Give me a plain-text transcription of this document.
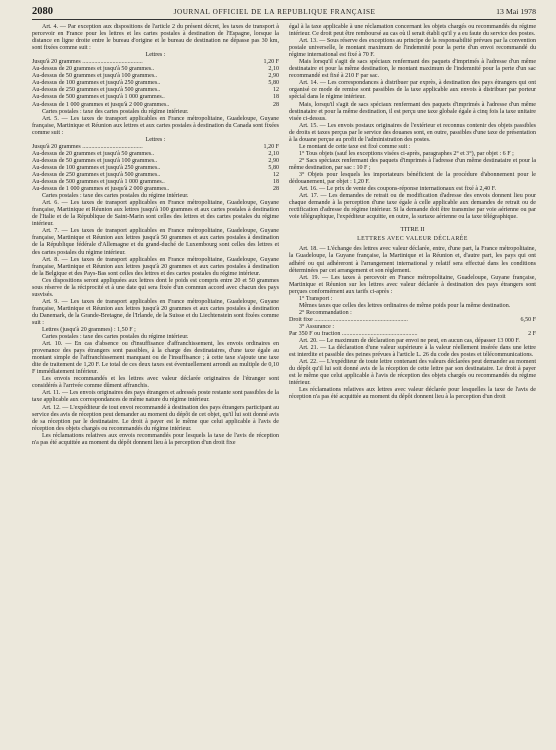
2080	JOURNAL OFFICIEL DE LA REPUBLIQUE FRANÇAISE	13 Mai 1978

Art. 4. — Par exception aux dispositions de l'article 2 du présent décret, les taxes de transport à percevoir en France pour les lettres et les cartes postales à destination de l'Espagne, lorsque la distance en ligne droite entre le bureau d'origine et le bureau de destination ne dépasse pas 30 km, sont fixées comme suit :

Lettres :

Jusqu'à 20 grammes ........................................	1,20 F
Au-dessus de 20 grammes et jusqu'à 50 grammes..	2,10
Au-dessus de 50 grammes et jusqu'à 100 grammes..	2,90
Au-dessus de 100 grammes et jusqu'à 250 grammes..	5,80
Au-dessus de 250 grammes et jusqu'à 500 grammes..	12
Au-dessus de 500 grammes et jusqu'à 1 000 grammes..	18
Au-dessus de 1 000 grammes et jusqu'à 2 000 grammes..	28

Cartes postales : taxe des cartes postales du régime intérieur.

Art. 5. — Les taxes de transport applicables en France métropolitaine, Guadeloupe, Guyane française, Martinique et Réunion aux lettres et aux cartes postales à destination du Canada sont fixées comme suit :

Lettres :

Jusqu'à 20 grammes ........................................	1,20 F
Au-dessus de 20 grammes et jusqu'à 50 grammes..	2,10
Au-dessus de 50 grammes et jusqu'à 100 grammes..	2,90
Au-dessus de 100 grammes et jusqu'à 250 grammes..	5,80
Au-dessus de 250 grammes et jusqu'à 500 grammes..	12
Au-dessus de 500 grammes et jusqu'à 1 000 grammes..	18
Au-dessus de 1 000 grammes et jusqu'à 2 000 grammes..	28

Cartes postales : taxe des cartes postales du régime intérieur.

Art. 6. — Les taxes de transport applicables en France métropolitaine, Guadeloupe, Guyane française, Martinique et Réunion aux lettres jusqu'à 100 grammes et aux cartes postales à destination de l'Italie et de la République de Saint-Marin sont celles des lettres et des cartes postales du régime intérieur.

Art. 7. — Les taxes de transport applicables en France métropolitaine, Guadeloupe, Guyane française, Martinique et Réunion aux lettres jusqu'à 50 grammes et aux cartes postales à destination de la République fédérale d'Allemagne et du grand-duché de Luxembourg sont celles des lettres et des cartes postales du régime intérieur.

Art. 8. — Les taxes de transport applicables en France métropolitaine, Guadeloupe, Guyane française, Martinique et Réunion aux lettres jusqu'à 20 grammes et aux cartes postales à destination de la Belgique et des Pays-Bas sont celles des lettres et des cartes postales du régime intérieur.

Ces dispositions seront appliquées aux lettres dont le poids est compris entre 20 et 50 grammes sous réserve de la réciprocité et à une date qui sera fixée d'un commun accord avec chacun des pays susvisés.

Art. 9. — Les taxes de transport applicables en France métropolitaine, Guadeloupe, Guyane française, Martinique et Réunion aux lettres jusqu'à 20 grammes et aux cartes postales à destination du Danemark, de la Grande-Bretagne, de l'Irlande, de la Suisse et du Liechtenstein sont fixées comme suit :

Lettres (jusqu'à 20 grammes) : 1,50 F ;

Cartes postales : taxe des cartes postales du régime intérieur.

Art. 10. — En cas d'absence ou d'insuffisance d'affranchissement, les envois ordinaires en provenance des pays étrangers sont passibles, à la charge des destinataires, d'une taxe égale au montant simple de l'affranchissement manquant ou de l'insuffisance ; à cette taxe s'ajoute une taxe dite de traitement de 1,20 F. Le total de ces deux taxes est éventuellement arrondi au multiple de 0,10 F immédiatement inférieur.

Les envois recommandés et les lettres avec valeur déclarée originaires de l'étranger sont considérés à l'arrivée comme dûment affranchis.

Art. 11. — Les envois originaires des pays étrangers et adressés poste restante sont passibles de la taxe applicable aux correspondances de même nature du régime intérieur.

Art. 12. — L'expéditeur de tout envoi recommandé à destination des pays étrangers participant au service des avis de réception peut demander au moment du dépôt de cet objet, qu'il lui soit donné avis de sa réception par le destinataire. Le droit à payer est le même que celui applicable à l'avis de réception des objets chargés ou recommandés du régime intérieur.

Les réclamations relatives aux envois recommandés pour lesquels la taxe de l'avis de réception n'a pas été acquittée au moment du dépôt donnent lieu à la perception d'un droit fixe

égal à la taxe applicable à une réclamation concernant les objets chargés ou recommandés du régime intérieur. Ce droit peut être remboursé au cas où il serait établi qu'il y a eu faute du service des postes.

Art. 13. — Sous réserve des exceptions au principe de la responsabilité prévues par la convention postale universelle, le montant maximum de l'indemnité pour la perte d'un envoi recommandé du régime international est fixé à 70 F.

Mais lorsqu'il s'agit de sacs spéciaux renfermant des paquets d'imprimés à l'adresse d'un même destinataire et pour la même destination, le montant maximum de l'indemnité pour la perte d'un sac recommandé est fixé à 210 F par sac.

Art. 14. — Les correspondances à distribuer par exprès, à destination des pays étrangers qui ont organisé ce mode de remise sont passibles de la taxe applicable aux envois à distribuer par porteur spécial dans le régime intérieur.

Mais, lorsqu'il s'agit de sacs spéciaux renfermant des paquets d'imprimés à l'adresse d'un même destinataire et pour la même destination, il est perçu une taxe globale égale à cinq fois la taxe unitaire visée ci-dessus.

Art. 15. — Les envois postaux originaires de l'extérieur et reconnus contenir des objets passibles de droits et taxes perçus par le service des douanes sont, en outre, passibles d'une taxe de présentation à la douane perçue au profit de l'administration des postes.

Le montant de cette taxe est fixé comme suit :

1° Tous objets (sauf les exceptions visées ci-après, paragraphes 2° et 3°), par objet : 6 F ;

2° Sacs spéciaux renfermant des paquets d'imprimés à l'adresse d'un même destinataire et pour la même destination, par sac : 10 F ;

3° Objets pour lesquels les importateurs bénéficient de la procédure d'abonnement pour le dédouanement, par objet : 1,20 F.

Art. 16. — Le prix de vente des coupons-réponse internationaux est fixé à 2,40 F.

Art. 17. — Les demandes de retrait ou de modification d'adresse des envois donnent lieu pour chaque demande à la perception d'une taxe égale à celle applicable aux demandes de retrait ou de rectification d'adresse du régime intérieur. Si la demande doit être transmise par voie aérienne ou par voie télégraphique, l'expéditeur acquitte, en outre, la surtaxe aérienne ou la taxe télégraphique.

TITRE II
LETTRES AVEC VALEUR DÉCLARÉE

Art. 18. — L'échange des lettres avec valeur déclarée, entre, d'une part, la France métropolitaine, la Guadeloupe, la Guyane française, la Martinique et la Réunion et, d'autre part, les pays qui ont adhéré ou qui adhéreront à l'arrangement international y relatif sera effectué dans les conditions déterminées par cet arrangement et son règlement.

Art. 19. — Les taxes à percevoir en France métropolitaine, Guadeloupe, Guyane française, Martinique et Réunion sur les lettres avec valeur déclarée à destination des pays étrangers sont perçues conformément aux tarifs ci-après :

1° Transport :

Mêmes taxes que celles des lettres ordinaires de même poids pour la même destination.

2° Recommandation :

Droit fixe ..............................................................	6,50 F

3° Assurance :

Par 350 F ou fraction ..................................................	2 F

Art. 20. — Le maximum de déclaration par envoi ne peut, en aucun cas, dépasser 13 000 F.

Art. 21. — La déclaration d'une valeur supérieure à la valeur réellement insérée dans une lettre est interdite et passible des peines prévues à l'article L. 26 du code des postes et télécommunications.

Art. 22. — L'expéditeur de toute lettre contenant des valeurs déclarées peut demander au moment du dépôt qu'il lui soit donné avis de la réception de cette lettre par son destinataire. Le droit à payer est le même que celui applicable à l'avis de réception des objets chargés ou recommandés du régime intérieur.

Les réclamations relatives aux lettres avec valeur déclarée pour lesquelles la taxe de l'avis de réception n'a pas été acquittée au moment du dépôt donnent lieu à la perception d'un droit
